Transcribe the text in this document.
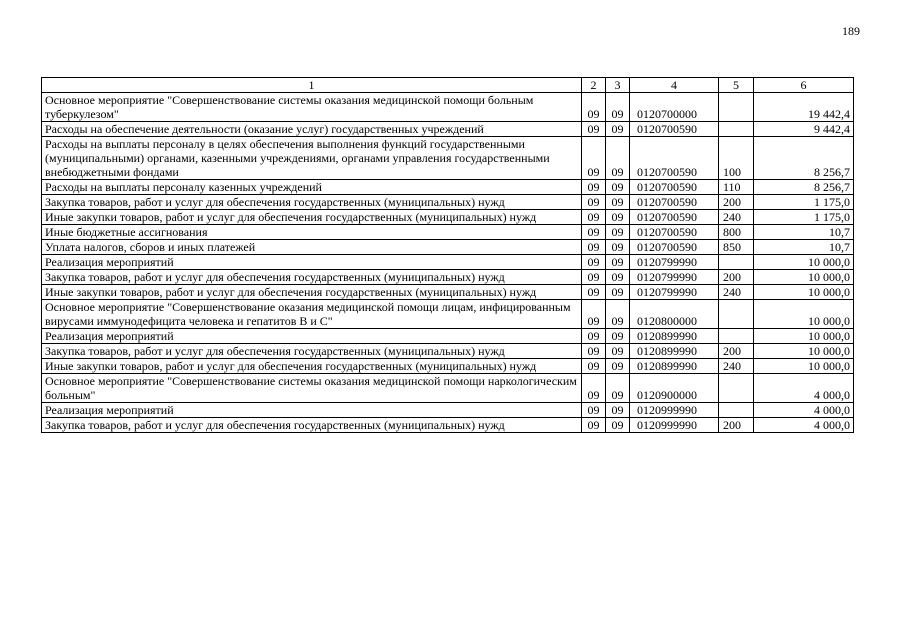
189
1	2	3	4	5	6
Основное мероприятие "Совершенствование системы оказания медицинской помощи больным туберкулезом"	09	09	0120700000		19 442,4
Расходы на обеспечение деятельности (оказание услуг) государственных учреждений	09	09	0120700590		9 442,4
Расходы на выплаты персоналу в целях обеспечения выполнения функций государственными (муниципальными) органами, казенными учреждениями, органами управления государственными внебюджетными фондами	09	09	0120700590	100	8 256,7
Расходы на выплаты персоналу казенных учреждений	09	09	0120700590	110	8 256,7
Закупка товаров, работ и услуг для обеспечения государственных (муниципальных) нужд	09	09	0120700590	200	1 175,0
Иные закупки товаров, работ и услуг для обеспечения государственных (муниципальных) нужд	09	09	0120700590	240	1 175,0
Иные бюджетные ассигнования	09	09	0120700590	800	10,7
Уплата налогов, сборов и иных платежей	09	09	0120700590	850	10,7
Реализация мероприятий	09	09	0120799990		10 000,0
Закупка товаров, работ и услуг для обеспечения государственных (муниципальных) нужд	09	09	0120799990	200	10 000,0
Иные закупки товаров, работ и услуг для обеспечения государственных (муниципальных) нужд	09	09	0120799990	240	10 000,0
Основное мероприятие "Совершенствование оказания медицинской помощи лицам, инфицированным вирусами иммунодефицита человека и гепатитов В и С"	09	09	0120800000		10 000,0
Реализация мероприятий	09	09	0120899990		10 000,0
Закупка товаров, работ и услуг для обеспечения государственных (муниципальных) нужд	09	09	0120899990	200	10 000,0
Иные закупки товаров, работ и услуг для обеспечения государственных (муниципальных) нужд	09	09	0120899990	240	10 000,0
Основное мероприятие "Совершенствование системы оказания медицинской помощи наркологическим больным"	09	09	0120900000		4 000,0
Реализация мероприятий	09	09	0120999990		4 000,0
Закупка товаров, работ и услуг для обеспечения государственных (муниципальных) нужд	09	09	0120999990	200	4 000,0
